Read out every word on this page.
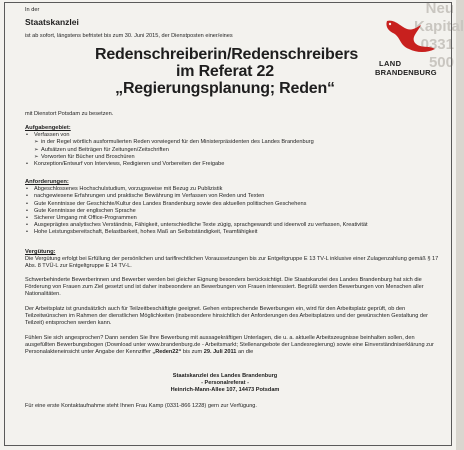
Neu
Kapital
0331
500
In der
Staatskanzlei
ist ab sofort, längstens befristet bis zum 30. Juni 2015, der Dienstposten einer/eines
LAND
BRANDENBURG
Redenschreiberin/Redenschreibers
im Referat 22
„Regierungsplanung; Reden“
mit Dienstort Potsdam zu besetzen.
Aufgabengebiet:
• Verfassen von
➢ in der Regel wörtlich ausformulierten Reden vorwiegend für den Ministerpräsidenten des Landes Brandenburg
➢ Aufsätzen und Beiträgen für Zeitungen/Zeitschriften
➢ Vorworten für Bücher und Broschüren
• Konzeption/Entwurf von Interviews, Redigieren und Vorbereiten der Freigabe
Anforderungen:
• Abgeschlossenes Hochschulstudium, vorzugsweise mit Bezug zu Publizistik
• nachgewiesene Erfahrungen und praktische Bewährung im Verfassen von Reden und Texten
• Gute Kenntnisse der Geschichte/Kultur des Landes Brandenburg sowie des aktuellen politischen Geschehens
• Gute Kenntnisse der englischen Sprache
• Sicherer Umgang mit Office-Programmen
• Ausgeprägtes analytisches Verständnis, Fähigkeit, unterschiedliche Texte zügig, sprachgewandt und ideenvoll zu verfassen, Kreativität
• Hohe Leistungsbereitschaft, Belastbarkeit, hohes Maß an Selbstständigkeit, Teamfähigkeit
Vergütung:
Die Vergütung erfolgt bei Erfüllung der persönlichen und tariflrechtlichen Voraussetzungen bis zur Entgeltgruppe E 13 TV-L inklusive einer Zulagenzahlung gemäß § 17 Abs. 8 TVÜ-L zur Entgeltgruppe E 14 TV-L.
Schwerbehinderte Bewerberinnen und Bewerber werden bei gleicher Eignung besonders berücksichtigt. Die Staatskanzlei des Landes Brandenburg hat sich die Förderung von Frauen zum Ziel gesetzt und ist daher insbesondere an Bewerbungen von Frauen interessiert. Begrüßt werden Bewerbungen von Menschen aller Nationalitäten.
Der Arbeitsplatz ist grundsätzlich auch für Teilzeitbeschäftigte geeignet. Gehen entsprechende Bewerbungen ein, wird für den Arbeitsplatz geprüft, ob den Teilzeitwünschen im Rahmen der dienstlichen Möglichkeiten (insbesondere hinsichtlich der Anforderungen des Arbeitsplatzes und der gewünschten Gestaltung der Teilzeit) entsprochen werden kann.
Fühlen Sie sich angesprochen? Dann senden Sie Ihre Bewerbung mit aussagekräftigen Unterlagen, die u. a. aktuelle Arbeitszeugnisse beinhalten sollen, den ausgefüllten Bewerbungsbogen (Download unter www.brandenburg.de - Arbeitsmarkt; Stellenangebote der Landesregierung) sowie eine Einverständniserklärung zur Personalakteneinsicht unter Angabe der Kennziffer „Reden22“ bis zum 29. Juli 2011 an die
Staatskanzlei des Landes Brandenburg
- Personalreferat -
Heinrich-Mann-Allee 107, 14473 Potsdam
Für eine erste Kontaktaufnahme steht Ihnen Frau Kamp (0331-866 1228) gern zur Verfügung.
